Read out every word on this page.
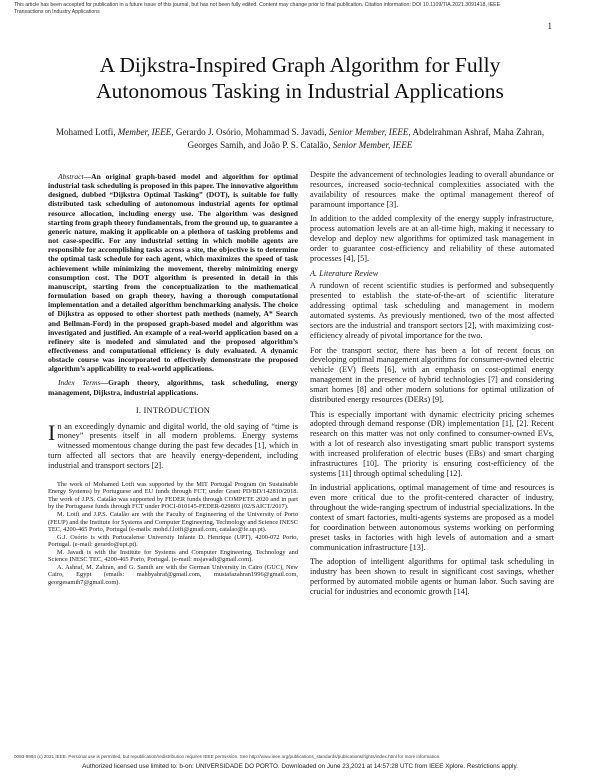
This article has been accepted for publication in a future issue of this journal, but has not been fully edited. Content may change prior to final publication. Citation information: DOI 10.1109/TIA.2021.3091418, IEEE
Transactions on Industry Applications
1
A Dijkstra-Inspired Graph Algorithm for Fully
Autonomous Tasking in Industrial Applications
Mohamed Lotfi, Member, IEEE, Gerardo J. Osório, Mohammad S. Javadi, Senior Member, IEEE, Abdelrahman Ashraf, Maha Zahran, Georges Samih, and João P. S. Catalão, Senior Member, IEEE

Abstract—An original graph-based model and algorithm for optimal industrial task scheduling is proposed in this paper. The innovative algorithm designed, dubbed “Dijkstra Optimal Tasking” (DOT), is suitable for fully distributed task scheduling of autonomous industrial agents for optimal resource allocation, including energy use. The algorithm was designed starting from graph theory fundamentals, from the ground up, to guarantee a generic nature, making it applicable on a plethora of tasking problems and not case-specific. For any industrial setting in which mobile agents are responsible for accomplishing tasks across a site, the objective is to determine the optimal task schedule for each agent, which maximizes the speed of task achievement while minimizing the movement, thereby minimizing energy consumption cost. The DOT algorithm is presented in detail in this manuscript, starting from the conceptualization to the mathematical formulation based on graph theory, having a thorough computational implementation and a detailed algorithm benchmarking analysis. The choice of Dijkstra as opposed to other shortest path methods (namely, A* Search and Bellman-Ford) in the proposed graph-based model and algorithm was investigated and justified. An example of a real-world application based on a refinery site is modeled and simulated and the proposed algorithm’s effectiveness and computational efficiency is duly evaluated. A dynamic obstacle course was incorporated to effectively demonstrate the proposed algorithm’s applicability to real-world applications.

Index Terms—Graph theory, algorithms, task scheduling, energy management, Dijkstra, industrial applications.

I. INTRODUCTION

In an exceedingly dynamic and digital world, the old saying of “time is money” presents itself in all modern problems. Energy systems witnessed momentous change during the past few decades [1], which in turn affected all sectors that are heavily energy-dependent, including industrial and transport sectors [2].

The work of Mohamed Lotfi was supported by the MIT Portugal Program (in Sustainable Energy Systems) by Portuguese and EU funds through FCT, under Grant PD/BD/142810/2018. The work of J.P.S. Catalão was supported by FEDER funds through COMPETE 2020 and in part by the Portuguese funds through FCT under POCI-010145-FEDER-029803 (02/SAICT/2017).

M. Lotfi and J.P.S. Catalão are with the Faculty of Engineering of the University of Porto (FEUP) and the Institute for Systems and Computer Engineering, Technology and Science INESC TEC, 4200-465 Porto, Portugal (e-mails: mohd.f.lotfi@gmail.com, catalao@fe.up.pt).

G.J. Osório is with Portucalense University Infante D. Henrique (UPT), 4200-072 Porto, Portugal. (e-mail: gerardo@upt.pt).

M. Javadi is with the Institute for Systems and Computer Engineering, Technology and Science INESC TEC, 4200-465 Porto, Portugal. (e-mail: msjavadi@gmail.com).

A. Ashraf, M. Zahran, and G. Samih are with the German University in Cairo (GUC), New Cairo, Egypt (emails: mahbyahraf@gmail.com, mustafazahran1996@gmail.com, georgesamih7@gmail.com).

Despite the advancement of technologies leading to overall abundance or resources, increased socio-technical complexities associated with the availability of resources make the optimal management thereof of paramount importance [3].

In addition to the added complexity of the energy supply infrastructure, process automation levels are at an all-time high, making it necessary to develop and deploy new algorithms for optimized task management in order to guarantee cost-efficiency and reliability of these automated processes [4], [5].

A. Literature Review

A rundown of recent scientific studies is performed and subsequently presented to establish the state-of-the-art of scientific literature addressing optimal task scheduling and management in modern automated systems. As previously mentioned, two of the most affected sectors are the industrial and transport sectors [2], with maximizing cost-efficiency already of pivotal importance for the two.

For the transport sector, there has been a lot of recent focus on developing optimal management algorithms for consumer-owned electric vehicle (EV) fleets [6], with an emphasis on cost-optimal energy management in the presence of hybrid technologies [7] and considering smart homes [8] and other modern solutions for optimal utilization of distributed energy resources (DERs) [9].

This is especially important with dynamic electricity pricing schemes adopted through demand response (DR) implementation [1], [2]. Recent research on this matter was not only confined to consumer-owned EVs, with a lot of research also investigating smart public transport systems with increased proliferation of electric buses (EBs) and smart charging infrastructures [10]. The priority is ensuring cost-efficiency of the systems [11] through optimal scheduling [12].

In industrial applications, optimal management of time and resources is even more critical due to the profit-centered character of industry, throughout the wide-ranging spectrum of industrial specializations. In the context of smart factories, multi-agents systems are proposed as a model for coordination between autonomous systems working on performing preset tasks in factories with high levels of automation and a smart communication infrastructure [13].

The adoption of intelligent algorithms for optimal task scheduling in industry has been shown to result in significant cost savings, whether performed by automated mobile agents or human labor. Such saving are crucial for industries and economic growth [14].

0093-9994 (c) 2021 IEEE. Personal use is permitted, but republication/redistribution requires IEEE permission. See http://www.ieee.org/publications_standards/publications/rights/index.html for more information.
Authorized licensed use limited to: b-on: UNIVERSIDADE DO PORTO. Downloaded on June 23,2021 at 14:57:28 UTC from IEEE Xplore. Restrictions apply.
